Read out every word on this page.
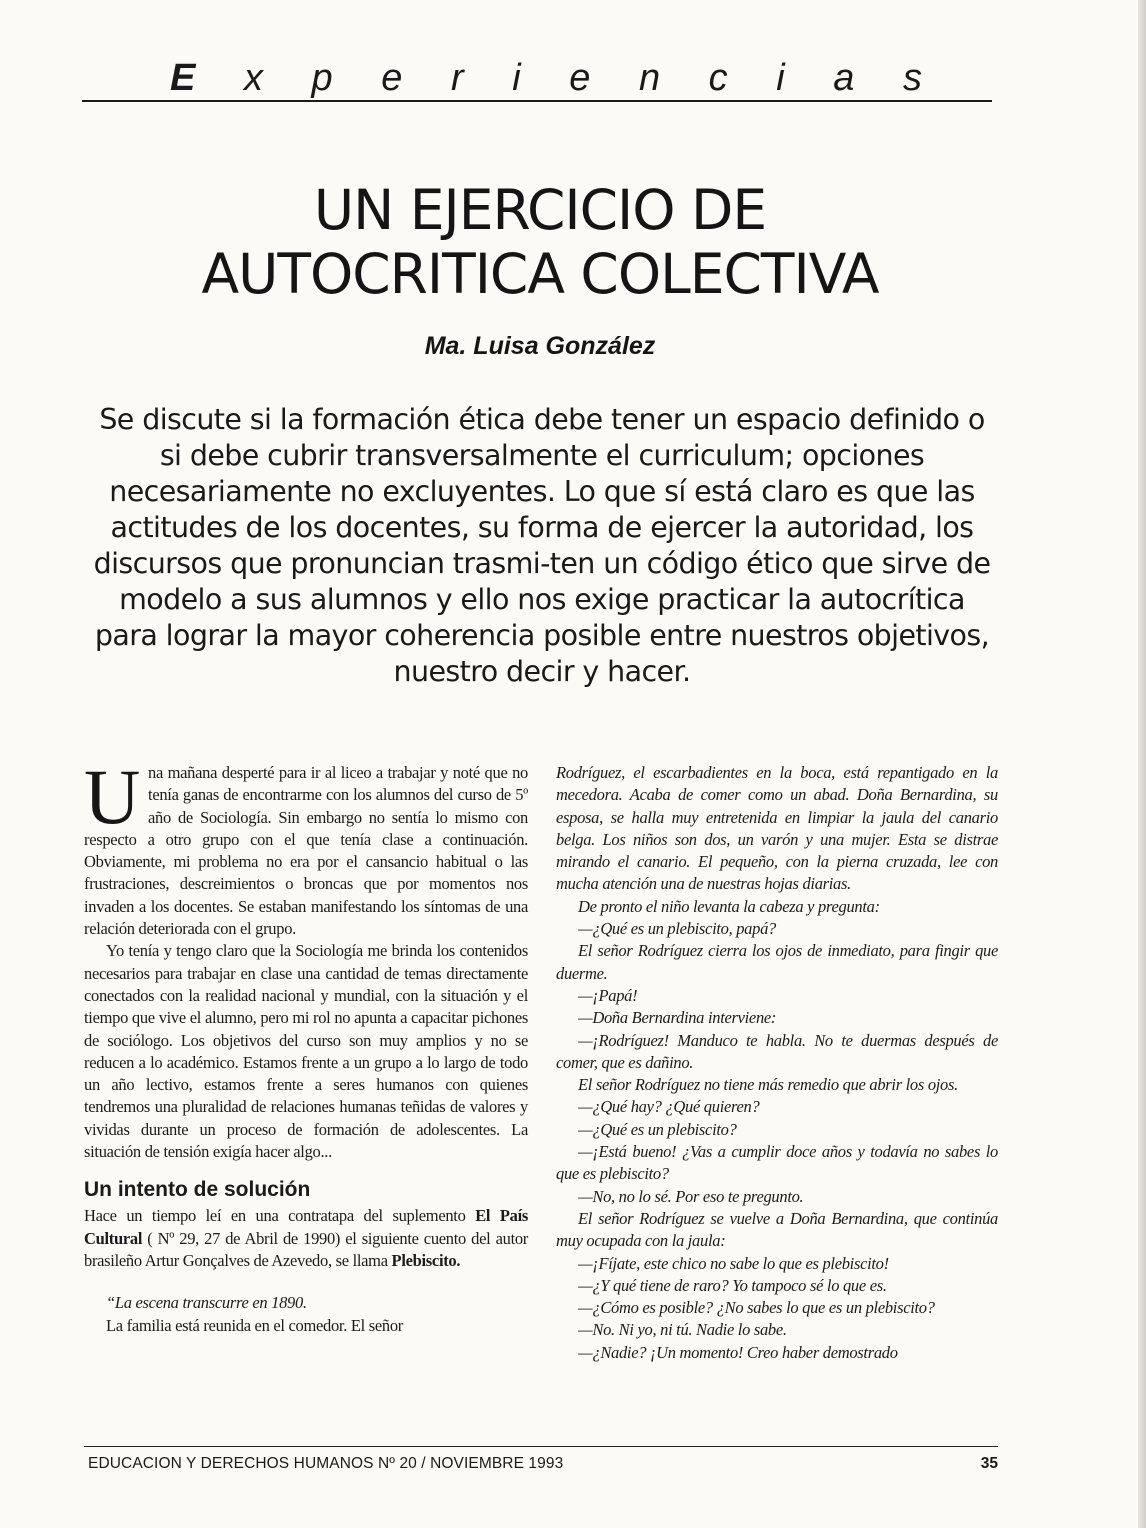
E x p e r i e n c i a s
UN EJERCICIO DE
AUTOCRITICA COLECTIVA
Ma. Luisa González

Se discute si la formación ética debe tener un espacio definido o si debe cubrir transversalmente el curriculum; opciones necesariamente no excluyentes. Lo que sí está claro es que las actitudes de los docentes, su forma de ejercer la autoridad, los discursos que pronuncian trasmi-ten un código ético que sirve de modelo a sus alumnos y ello nos exige practicar la autocrítica para lograr la mayor coherencia posible entre nuestros objetivos, nuestro decir y hacer.

Una mañana desperté para ir al liceo a trabajar y noté que no tenía ganas de encontrarme con los alumnos del curso de 5º año de Sociología. Sin embargo no sentía lo mismo con respecto a otro grupo con el que tenía clase a continuación. Obviamente, mi problema no era por el cansancio habitual o las frustraciones, descreimientos o broncas que por momentos nos invaden a los docentes. Se estaban manifestando los síntomas de una relación deteriorada con el grupo.

Yo tenía y tengo claro que la Sociología me brinda los contenidos necesarios para trabajar en clase una cantidad de temas directamente conectados con la realidad nacional y mundial, con la situación y el tiempo que vive el alumno, pero mi rol no apunta a capacitar pichones de sociólogo. Los objetivos del curso son muy amplios y no se reducen a lo académico. Estamos frente a un grupo a lo largo de todo un año lectivo, estamos frente a seres humanos con quienes tendremos una pluralidad de relaciones humanas teñidas de valores y vividas durante un proceso de formación de adolescentes. La situación de tensión exigía hacer algo...

Un intento de solución

Hace un tiempo leí en una contratapa del suplemento El País Cultural ( Nº 29, 27 de Abril de 1990) el siguiente cuento del autor brasileño Artur Gonçalves de Azevedo, se llama Plebiscito.

“La escena transcurre en 1890.

La familia está reunida en el comedor. El señor

Rodríguez, el escarbadientes en la boca, está repantigado en la mecedora. Acaba de comer como un abad. Doña Bernardina, su esposa, se halla muy entretenida en limpiar la jaula del canario belga. Los niños son dos, un varón y una mujer. Esta se distrae mirando el canario. El pequeño, con la pierna cruzada, lee con mucha atención una de nuestras hojas diarias.

De pronto el niño levanta la cabeza y pregunta:

—¿Qué es un plebiscito, papá?

El señor Rodríguez cierra los ojos de inmediato, para fingir que duerme.

—¡Papá!

—Doña Bernardina interviene:

—¡Rodríguez! Manduco te habla. No te duermas después de comer, que es dañino.

El señor Rodríguez no tiene más remedio que abrir los ojos.

—¿Qué hay? ¿Qué quieren?

—¿Qué es un plebiscito?

—¡Está bueno! ¿Vas a cumplir doce años y todavía no sabes lo que es plebiscito?

—No, no lo sé. Por eso te pregunto.

El señor Rodríguez se vuelve a Doña Bernardina, que continúa muy ocupada con la jaula:

—¡Fíjate, este chico no sabe lo que es plebiscito!

—¿Y qué tiene de raro? Yo tampoco sé lo que es.

—¿Cómo es posible? ¿No sabes lo que es un plebiscito?

—No. Ni yo, ni tú. Nadie lo sabe.

—¿Nadie? ¡Un momento! Creo haber demostrado

EDUCACION Y DERECHOS HUMANOS Nº 20 / NOVIEMBRE 1993	35
